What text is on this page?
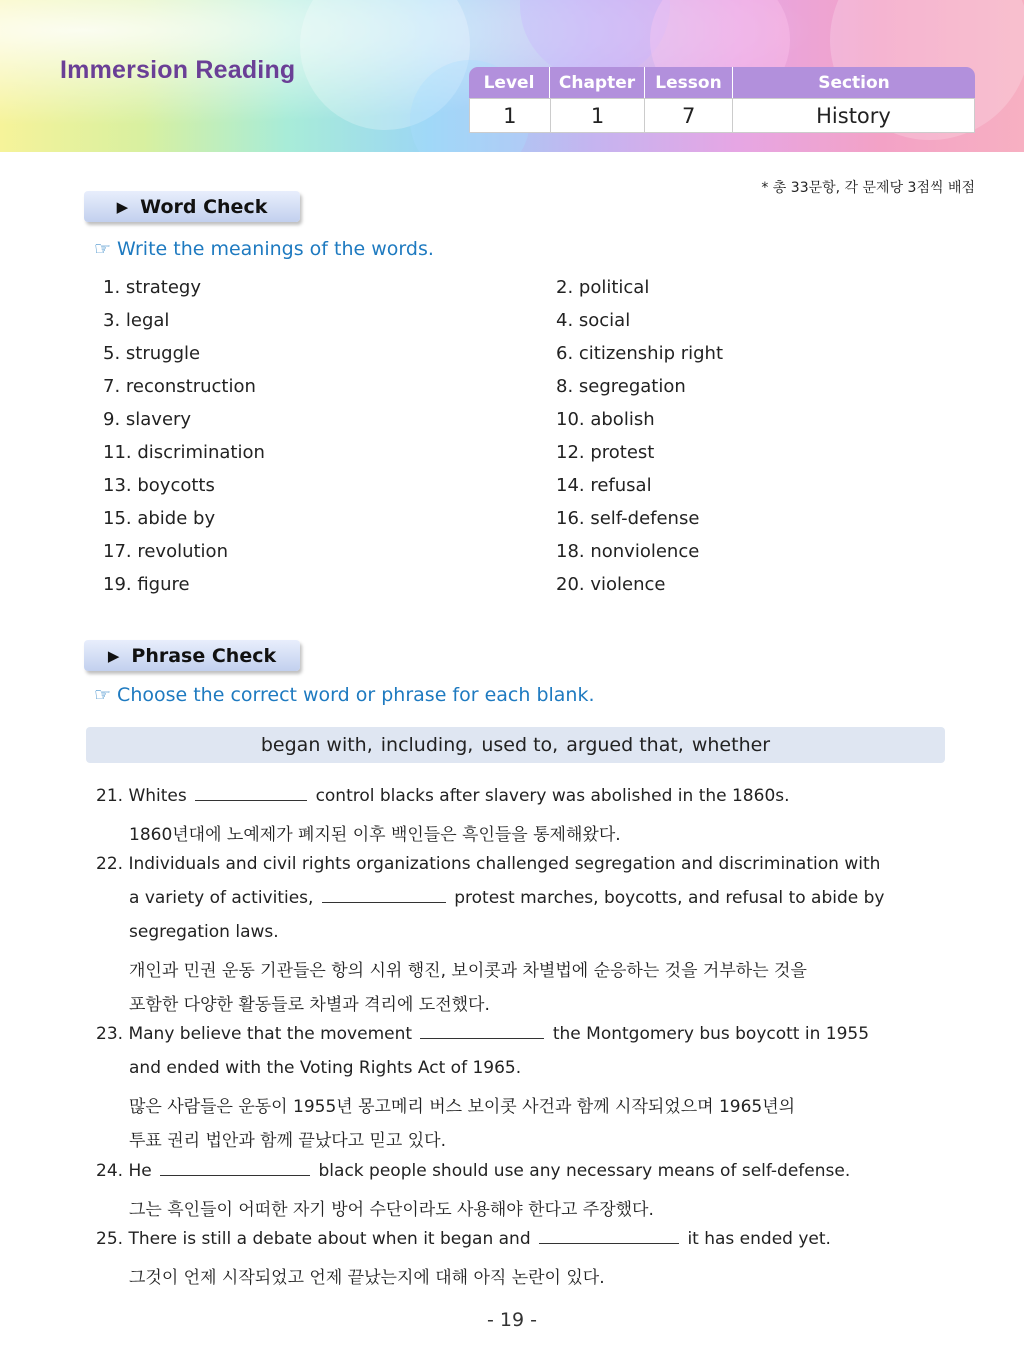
Immersion Reading	Level	Chapter	Lesson	Section
1	1	7	History
* 총 33문항, 각 문제당 3점씩 배점
▶ Word Check
☞ Write the meanings of the words.
1. strategy	2. political
3. legal	4. social
5. struggle	6. citizenship right
7. reconstruction	8. segregation
9. slavery	10. abolish
11. discrimination	12. protest
13. boycotts	14. refusal
15. abide by	16. self-defense
17. revolution	18. nonviolence
19. figure	20. violence
▶ Phrase Check
☞ Choose the correct word or phrase for each blank.
began with, including, used to, argued that, whether
21. Whites	control blacks after slavery was abolished in the 1860s.
1860년대에 노예제가 폐지된 이후 백인들은 흑인들을 통제해왔다.
22. Individuals and civil rights organizations challenged segregation and discrimination with
a variety of activities,	protest marches, boycotts, and refusal to abide by
segregation laws.
개인과 민권 운동 기관들은 항의 시위 행진, 보이콧과 차별법에 순응하는 것을 거부하는 것을
포함한 다양한 활동들로 차별과 격리에 도전했다.
23. Many believe that the movement	the Montgomery bus boycott in 1955
and ended with the Voting Rights Act of 1965.
많은 사람들은 운동이 1955년 몽고메리 버스 보이콧 사건과 함께 시작되었으며 1965년의
투표 권리 법안과 함께 끝났다고 믿고 있다.
24. He	black people should use any necessary means of self-defense.
그는 흑인들이 어떠한 자기 방어 수단이라도 사용해야 한다고 주장했다.
25. There is still a debate about when it began and	it has ended yet.
그것이 언제 시작되었고 언제 끝났는지에 대해 아직 논란이 있다.
- 19 -
